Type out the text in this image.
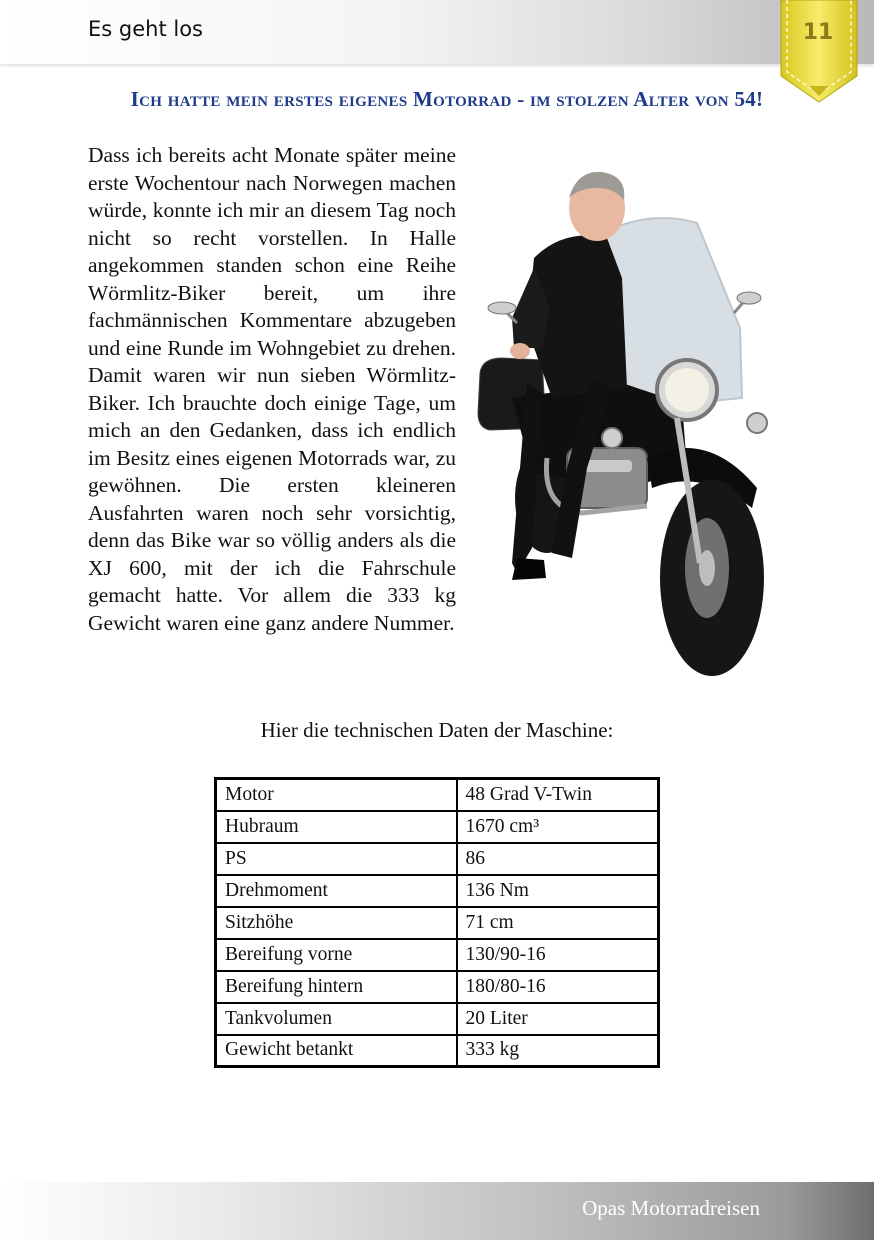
Es geht los	11
Ich hatte mein erstes eigenes Motorrad - im stolzen Alter von 54!

Dass ich bereits acht Monate später meine erste Wochentour nach Norwegen machen würde, konnte ich mir an diesem Tag noch nicht so recht vorstellen. In Halle angekommen standen schon eine Reihe Wörmlitz-Biker bereit, um ihre fachmännischen Kommentare abzugeben und eine Runde im Wohngebiet zu drehen. Damit waren wir nun sieben Wörmlitz-Biker. Ich brauchte doch einige Tage, um mich an den Gedanken, dass ich endlich im Besitz eines eigenen Motorrads war, zu gewöhnen. Die ersten kleineren Ausfahrten waren noch sehr vorsichtig, denn das Bike war so völlig anders als die XJ 600, mit der ich die Fahrschule gemacht hatte. Vor allem die 333 kg Gewicht waren eine ganz andere Nummer.

Hier die technischen Daten der Maschine:
Motor	48 Grad V-Twin
Hubraum	1670 cm³
PS	86
Drehmoment	136 Nm
Sitzhöhe	71 cm
Bereifung vorne	130/90-16
Bereifung hintern	180/80-16
Tankvolumen	20 Liter
Gewicht betankt	333 kg
Opas Motorradreisen
